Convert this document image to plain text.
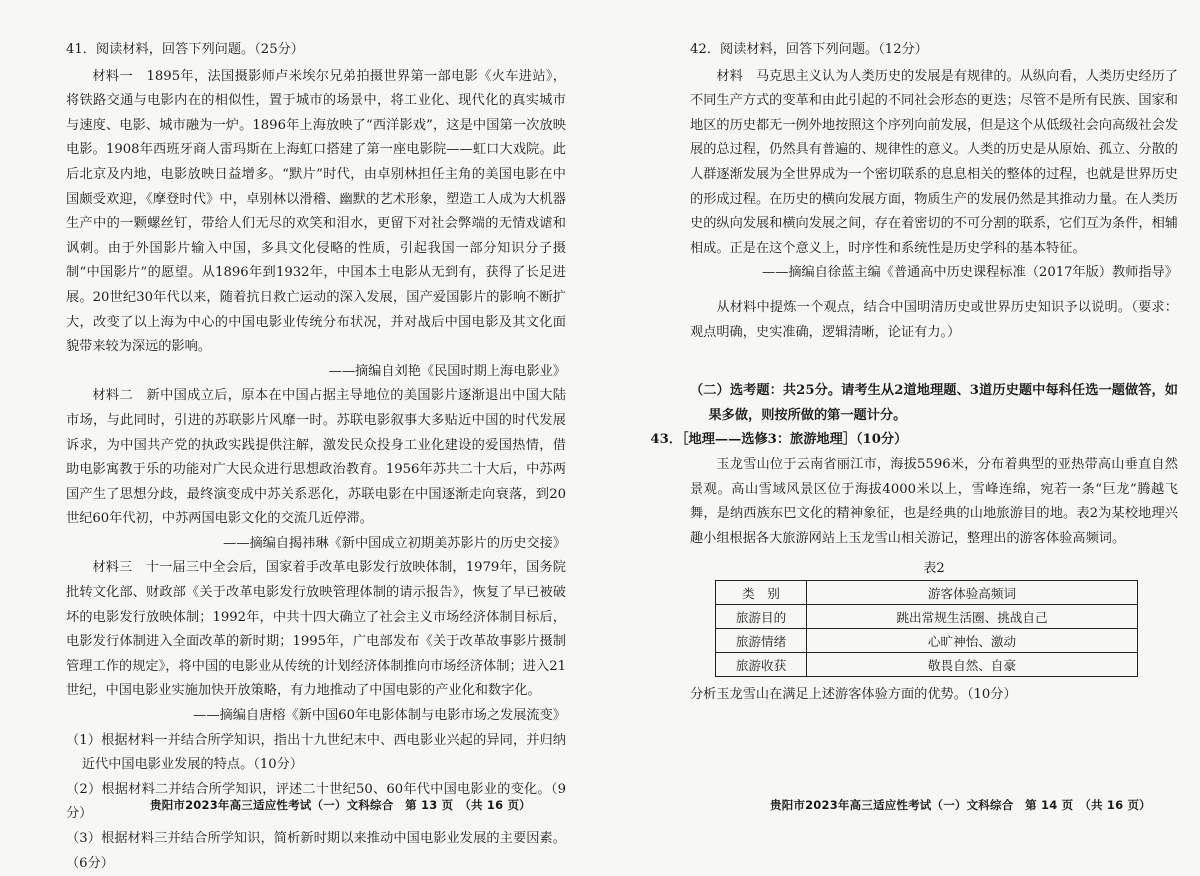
41．阅读材料，回答下列问题。（25分）

材料一　1895年，法国摄影师卢米埃尔兄弟拍摄世界第一部电影《火车进站》，将铁路交通与电影内在的相似性，置于城市的场景中，将工业化、现代化的真实城市与速度、电影、城市融为一炉。1896年上海放映了“西洋影戏”，这是中国第一次放映电影。1908年西班牙商人雷玛斯在上海虹口搭建了第一座电影院——虹口大戏院。此后北京及内地，电影放映日益增多。“默片”时代，由卓别林担任主角的美国电影在中国颇受欢迎，《摩登时代》中，卓别林以滑稽、幽默的艺术形象，塑造工人成为大机器生产中的一颗螺丝钉，带给人们无尽的欢笑和泪水，更留下对社会弊端的无情戏谑和讽刺。由于外国影片输入中国，多具文化侵略的性质，引起我国一部分知识分子摄制“中国影片”的愿望。从1896年到1932年，中国本土电影从无到有，获得了长足进展。20世纪30年代以来，随着抗日救亡运动的深入发展，国产爱国影片的影响不断扩大，改变了以上海为中心的中国电影业传统分布状况，并对战后中国电影及其文化面貌带来较为深远的影响。

——摘编自刘艳《民国时期上海电影业》

材料二　新中国成立后，原本在中国占据主导地位的美国影片逐渐退出中国大陆市场，与此同时，引进的苏联影片风靡一时。苏联电影叙事大多贴近中国的时代发展诉求，为中国共产党的执政实践提供注解，激发民众投身工业化建设的爱国热情，借助电影寓教于乐的功能对广大民众进行思想政治教育。1956年苏共二十大后，中苏两国产生了思想分歧，最终演变成中苏关系恶化，苏联电影在中国逐渐走向衰落，到20世纪60年代初，中苏两国电影文化的交流几近停滞。

——摘编自揭祎琳《新中国成立初期美苏影片的历史交接》

材料三　十一届三中全会后，国家着手改革电影发行放映体制，1979年，国务院批转文化部、财政部《关于改革电影发行放映管理体制的请示报告》，恢复了早已被破坏的电影发行放映体制；1992年，中共十四大确立了社会主义市场经济体制目标后，电影发行体制进入全面改革的新时期；1995年，广电部发布《关于改革故事影片摄制管理工作的规定》，将中国的电影业从传统的计划经济体制推向市场经济体制；进入21世纪，中国电影业实施加快开放策略，有力地推动了中国电影的产业化和数字化。

——摘编自唐榕《新中国60年电影体制与电影市场之发展流变》

（1）根据材料一并结合所学知识，指出十九世纪末中、西电影业兴起的异同，并归纳近代中国电影业发展的特点。（10分）

（2）根据材料二并结合所学知识，评述二十世纪50、60年代中国电影业的变化。（9分）

（3）根据材料三并结合所学知识，简析新时期以来推动中国电影业发展的主要因素。（6分）

贵阳市2023年高三适应性考试（一）文科综合　第 13 页　（共 16 页）

42．阅读材料，回答下列问题。（12分）

材料　马克思主义认为人类历史的发展是有规律的。从纵向看，人类历史经历了不同生产方式的变革和由此引起的不同社会形态的更迭；尽管不是所有民族、国家和地区的历史都无一例外地按照这个序列向前发展，但是这个从低级社会向高级社会发展的总过程，仍然具有普遍的、规律性的意义。人类的历史是从原始、孤立、分散的人群逐渐发展为全世界成为一个密切联系的息息相关的整体的过程，也就是世界历史的形成过程。在历史的横向发展方面，物质生产的发展仍然是其推动力量。在人类历史的纵向发展和横向发展之间，存在着密切的不可分割的联系，它们互为条件，相辅相成。正是在这个意义上，时序性和系统性是历史学科的基本特征。

——摘编自徐蓝主编《普通高中历史课程标准（2017年版）教师指导》

从材料中提炼一个观点，结合中国明清历史或世界历史知识予以说明。（要求：观点明确，史实准确，逻辑清晰，论证有力。）

（二）选考题：共25分。请考生从2道地理题、3道历史题中每科任选一题做答，如果多做，则按所做的第一题计分。

43．［地理——选修3：旅游地理］（10分）

玉龙雪山位于云南省丽江市，海拔5596米，分布着典型的亚热带高山垂直自然景观。高山雪域风景区位于海拔4000米以上，雪峰连绵，宛若一条“巨龙”腾越飞舞，是纳西族东巴文化的精神象征，也是经典的山地旅游目的地。表2为某校地理兴趣小组根据各大旅游网站上玉龙雪山相关游记，整理出的游客体验高频词。

表2
类　别	游客体验高频词
旅游目的	跳出常规生活圈、挑战自己
旅游情绪	心旷神怡、激动
旅游收获	敬畏自然、自豪

分析玉龙雪山在满足上述游客体验方面的优势。（10分）

贵阳市2023年高三适应性考试（一）文科综合　第 14 页　（共 16 页）
